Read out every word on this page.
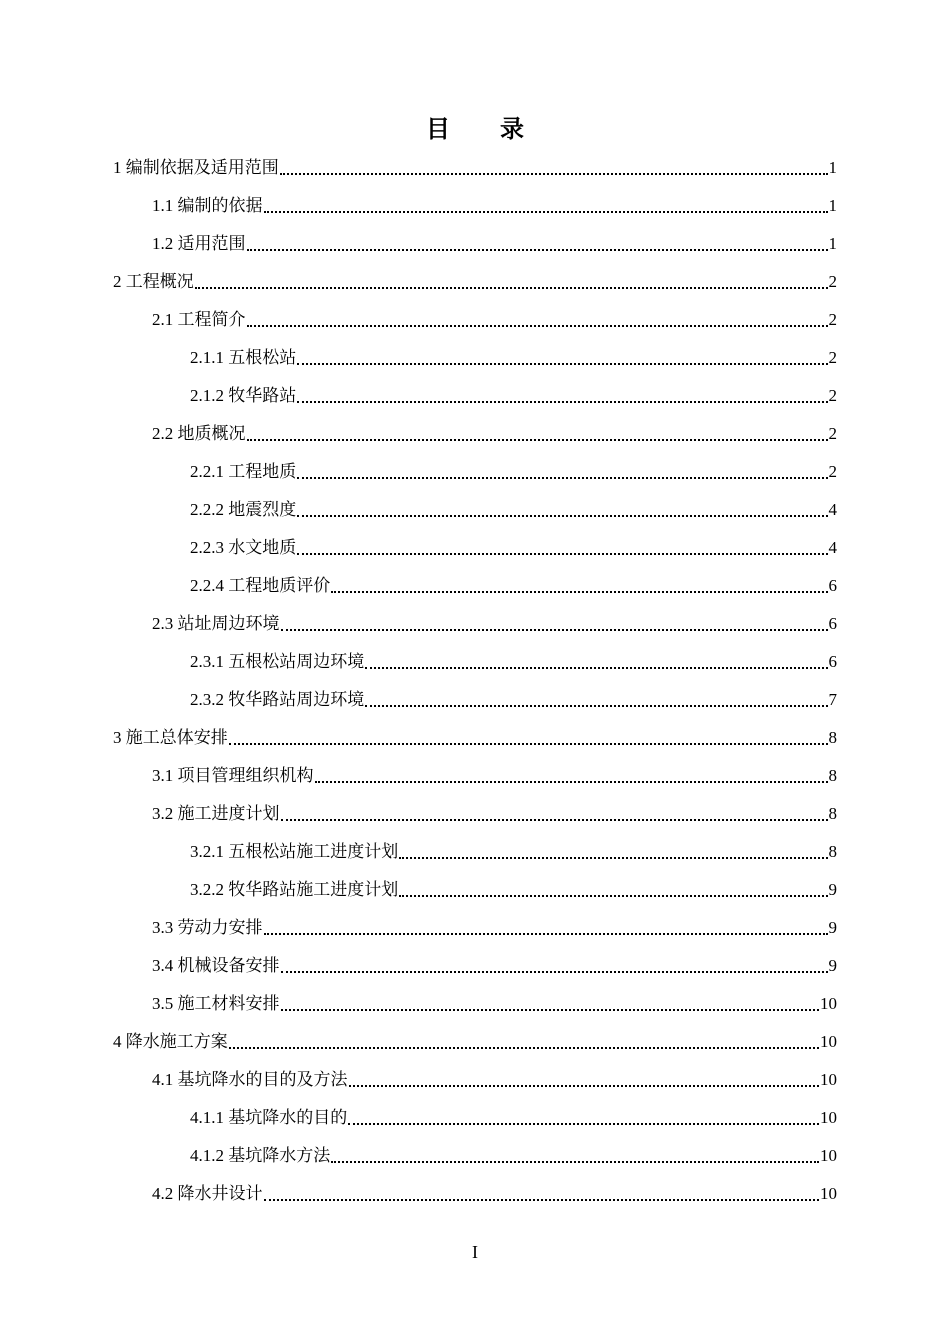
目 录
1 编制依据及适用范围	1
1.1 编制的依据	1
1.2 适用范围	1
2 工程概况	2
2.1 工程简介	2
2.1.1 五根松站	2
2.1.2 牧华路站	2
2.2 地质概况	2
2.2.1 工程地质	2
2.2.2 地震烈度	4
2.2.3 水文地质	4
2.2.4 工程地质评价	6
2.3 站址周边环境	6
2.3.1 五根松站周边环境	6
2.3.2 牧华路站周边环境	7
3 施工总体安排	8
3.1 项目管理组织机构	8
3.2 施工进度计划	8
3.2.1 五根松站施工进度计划	8
3.2.2 牧华路站施工进度计划	9
3.3 劳动力安排	9
3.4 机械设备安排	9
3.5 施工材料安排	10
4 降水施工方案	10
4.1 基坑降水的目的及方法	10
4.1.1 基坑降水的目的	10
4.1.2 基坑降水方法	10
4.2 降水井设计	10
I
